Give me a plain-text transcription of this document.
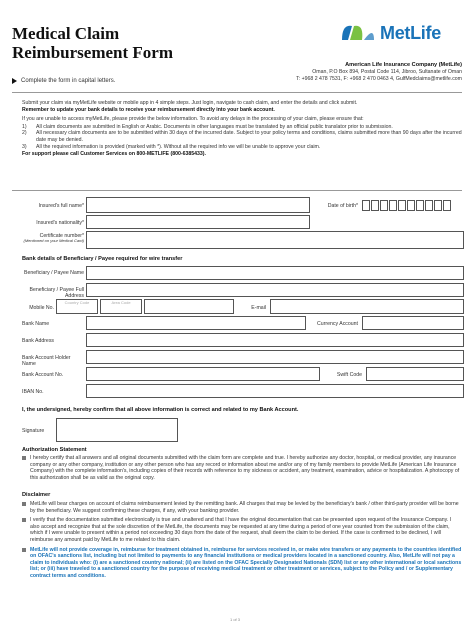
Medical Claim
Reimbursement Form
Complete the form in capital letters.
MetLife
American Life Insurance Company (MetLife)
Oman, P.O Box 894, Postal Code 114, Jibroo, Sultanate of Oman
T: +968 2 478 7531, F: +968 2 470 0463 4, GulfMedclaims@metlife.com
Submit your claim via myMetLife website or mobile app in 4 simple steps. Just login, navigate to cash claim, and enter the details and click submit.
Remember to update your bank details to receive your reimbursement directly into your bank account.
If you are unable to access myMetLife, please provide the below information. To avoid any delays in the processing of your claim, please ensure that:
1)	All claim documents are submitted in English or Arabic. Documents in other languages must be translated by an official public translator prior to submission.
2)	All necessary claim documents are to be submitted within 30 days of the incurred date. Subject to your policy terms and conditions, claims submitted more than 90 days after the incurred date may be denied.
3)	All the required information is provided (marked with *). Without all the required info we will be unable to approve your claim.
For support please call Customer Services on 800-METLIFE (800-6385433).
Insured's full name*	Date of birth*
Insured's nationality*
Certificate number*
(Mentioned on your Medical Card)
Bank details of Beneficiary / Payee required for wire transfer
Beneficiary / Payee Name
Beneficiary / Payee Full Address
Mobile No.
Country Code	Area Code
E-mail
Bank Name	Currency Account
Bank Address
Bank Account Holder Name
Bank Account No.	Swift Code
IBAN No.
I, the undersigned, hereby confirm that all above information is correct and related to my Bank Account.
Signature
Authorization Statement
I hereby certify that all answers and all original documents submitted with the claim form are complete and true. I hereby authorize any doctor, hospital, or medical provider, any insurance company or any other company, institution or any other person who has any record or information about me and/or any of my family members to provide MetLife (American Life Insurance Company) with the complete information's, including copies of their records with reference to my sickness or accident, any treatment, examination, advice or hospitalization. A photocopy of this authorization shall be as valid as the original copy.
Disclaimer
MetLife will bear charges on account of claims reimbursement levied by the remitting bank. All charges that may be levied by the beneficiary's bank / other third-party provider will be borne by the beneficiary. We suggest confirming these charges, if any, with your banking provider.
I verify that the documentation submitted electronically is true and unaltered and that I have the original documentation that can be presented upon request of the Insurance Company. I also accept and recognize that at the sole discretion of the MetLife, the documents may be requested at any time during a period of one year counted from the submission of the claim, which if I were unable to present within a period not exceeding 30 days from the date of the request, shall deem the claim to be denied. If the case is confirmed to be declined, I will reimburse any amount paid by MetLife to me related to this claim.
MetLife will not provide coverage in, reimburse for treatment obtained in, reimburse for services received in, or make wire transfers or any payments to the countries identified on OFAC's sanctions list, including but not limited to payments to any financial institutions or medical providers located in a sanctioned country. Also, MetLife will not pay a claim to individuals who: (i) are a sanctioned country national; (ii) are listed on the OFAC Specially Designated Nationals (SDN) list or any other international or local sanctions list; or (iii) have traveled to a sanctioned country for the purpose of receiving medical treatment or other treatment or services, subject to the Policy and / or Supplementary contract terms and conditions.
1 of 3
